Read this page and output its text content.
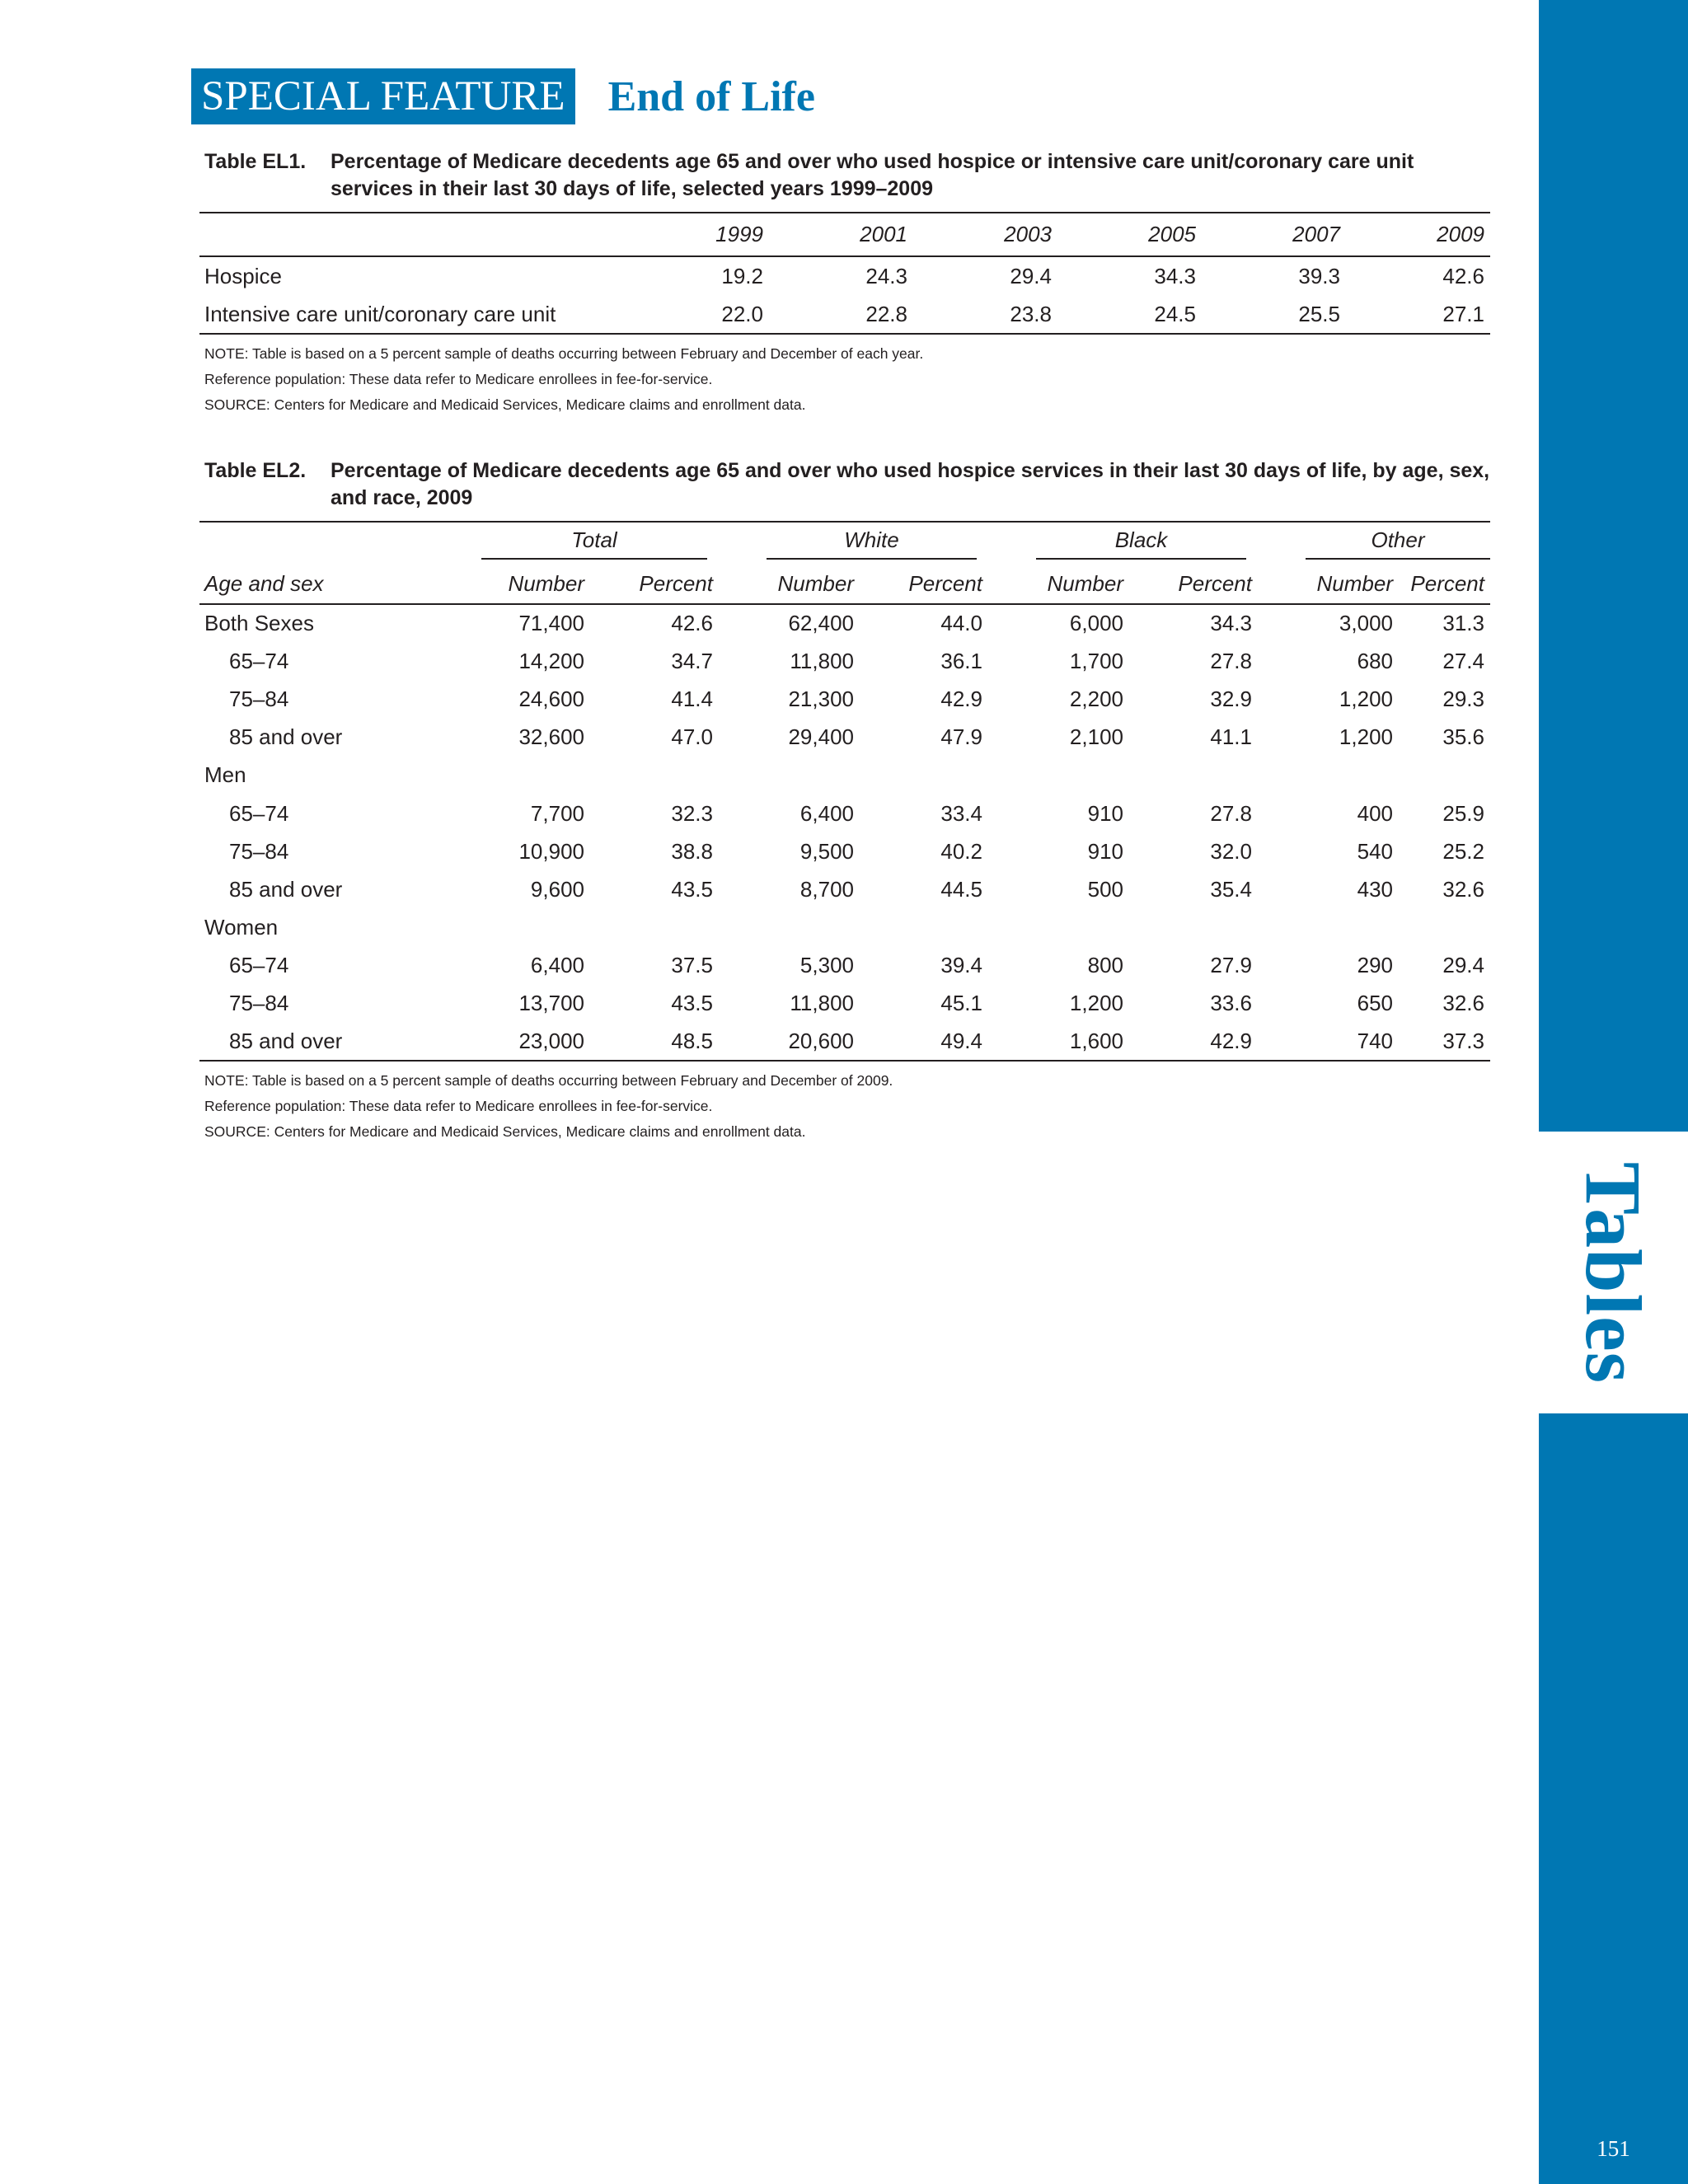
Tables
151
SPECIAL FEATURE End of Life
Table EL1.	Percentage of Medicare decedents age 65 and over who used hospice or intensive care unit/coronary care unit services in their last 30 days of life, selected years 1999–2009
	1999	2001	2003	2005	2007	2009
Hospice	19.2	24.3	29.4	34.3	39.3	42.6
Intensive care unit/coronary care unit	22.0	22.8	23.8	24.5	25.5	27.1
NOTE: Table is based on a 5 percent sample of deaths occurring between February and December of each year.
Reference population: These data refer to Medicare enrollees in fee-for-service.
SOURCE: Centers for Medicare and Medicaid Services, Medicare claims and enrollment data.
Table EL2.	Percentage of Medicare decedents age 65 and over who used hospice services in their last 30 days of life, by age, sex, and race, 2009

	Total		White		Black		Other	

Age and sex	Number	Percent	Number	Percent	Number	Percent	Number	Percent
Both Sexes	71,400	42.6	62,400	44.0	6,000	34.3	3,000	31.3
65–74	14,200	34.7	11,800	36.1	1,700	27.8	680	27.4
75–84	24,600	41.4	21,300	42.9	2,200	32.9	1,200	29.3
85 and over	32,600	47.0	29,400	47.9	2,100	41.1	1,200	35.6
Men								
65–74	7,700	32.3	6,400	33.4	910	27.8	400	25.9
75–84	10,900	38.8	9,500	40.2	910	32.0	540	25.2
85 and over	9,600	43.5	8,700	44.5	500	35.4	430	32.6
Women								
65–74	6,400	37.5	5,300	39.4	800	27.9	290	29.4
75–84	13,700	43.5	11,800	45.1	1,200	33.6	650	32.6
85 and over	23,000	48.5	20,600	49.4	1,600	42.9	740	37.3
NOTE: Table is based on a 5 percent sample of deaths occurring between February and December of 2009.
Reference population: These data refer to Medicare enrollees in fee-for-service.
SOURCE: Centers for Medicare and Medicaid Services, Medicare claims and enrollment data.
